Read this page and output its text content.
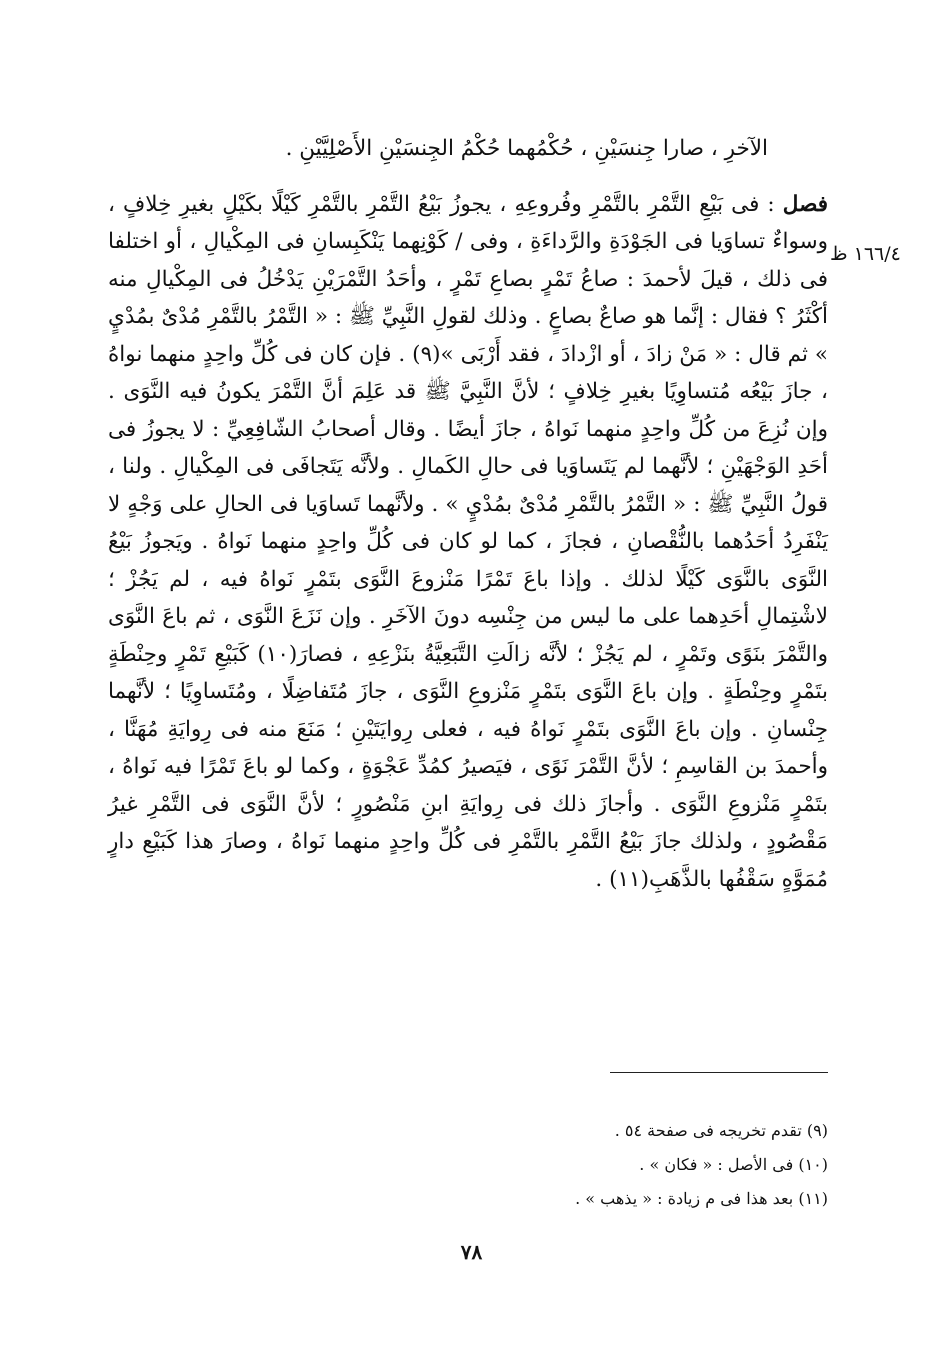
١٦٦/٤ ظ

الآخرِ ، صارا جِنسَيْنِ ، حُكْمُهما حُكْمُ الجِنسَيْنِ الأَصْلِيَّيْنِ .

فصل : فى بَيْعِ التَّمْرِ بالتَّمْرِ وفُروعِهِ ، يجوزُ بَيْعُ التَّمْرِ بالتَّمْرِ كَيْلًا بكَيْلٍ بغيرِ خِلافٍ ، وسواءٌ تساوَيا فى الجَوْدَةِ والرَّداءَةِ ، وفى / كَوْنِهما يَنْكَبِسانِ فى المِكْيالِ ، أو اختلفا فى ذلك ، قيلَ لأحمدَ : صاعُ تَمْرٍ بصاعِ تَمْرٍ ، وأحَدُ التَّمْرَيْنِ يَدْخُلُ فى المِكْيالِ منه أكْثَرُ ؟ فقال : إنَّما هو صاعٌ بصاعٍ . وذلك لقولِ النَّبِيِّ ﷺ : « التَّمْرُ بالتَّمْرِ مُدْىٌ بمُدْيٍ » ثم قال : « مَنْ زادَ ، أو ازْدادَ ، فقد أَرْبَى »(٩) . فإن كان فى كُلِّ واحِدٍ منهما نواهُ ، جازَ بَيْعُه مُتساوِيًا بغيرِ خِلافٍ ؛ لأنَّ النَّبِيَّ ﷺ قد عَلِمَ أنَّ التَّمْرَ يكونُ فيه النَّوَى . وإن نُزِعَ من كُلِّ واحِدٍ منهما نَواهُ ، جازَ أيضًا . وقال أصحابُ الشّافِعِيِّ : لا يجوزُ فى أحَدِ الوَجْهَيْنِ ؛ لأنَّهما لم يَتَساوَيا فى حالِ الكَمالِ . ولأنَّه يَتَجافَى فى المِكْيالِ . ولنا ، قولُ النَّبِيِّ ﷺ : « التَّمْرُ بالتَّمْرِ مُدْىٌ بمُدْيٍ » . ولأنَّهما تَساوَيا فى الحالِ على وَجْهٍ لا يَنْفَرِدُ أحَدُهما بالنُّقْصانِ ، فجازَ ، كما لو كان فى كُلِّ واحِدٍ منهما نَواهُ . ويَجوزُ بَيْعُ النَّوَى بالنَّوَى كَيْلًا لذلك . وإذا باعَ تَمْرًا مَنْزوعَ النَّوَى بتَمْرٍ نَواهُ فيه ، لم يَجُزْ ؛ لاشْتِمالِ أحَدِهما على ما ليس من جِنْسِه دونَ الآخَرِ . وإن نَزَعَ النَّوَى ، ثم باعَ النَّوَى والتَّمْرَ بنَوًى وتَمْرٍ ، لم يَجُزْ ؛ لأنَّه زالَتِ التَّبَعِيَّةُ بنَزْعِهِ ، فصارَ(١٠) كَبَيْعِ تَمْرٍ وحِنْطَةٍ بتَمْرٍ وحِنْطَةٍ . وإن باعَ النَّوَى بتَمْرٍ مَنْزوعِ النَّوَى ، جازَ مُتَفاضِلًا ، ومُتَساوِيًا ؛ لأنَّهما جِنْسانِ . وإن باعَ النَّوَى بتَمْرٍ نَواهُ فيه ، فعلى رِوايَتَيْنِ ؛ مَنَعَ منه فى رِوايَةِ مُهَنَّا ، وأحمدَ بن القاسِمِ ؛ لأنَّ التَّمْرَ نَوًى ، فيَصيرُ كمُدِّ عَجْوَةٍ ، وكما لو باعَ تَمْرًا فيه نَواهُ ، بتَمْرٍ مَنْزوعِ النَّوَى . وأجازَ ذلك فى رِوايَةِ ابنِ مَنْصُورٍ ؛ لأنَّ النَّوَى فى التَّمْرِ غيرُ مَقْصُودٍ ، ولذلك جازَ بَيْعُ التَّمْرِ بالتَّمْرِ فى كُلِّ واحِدٍ منهما نَواهُ ، وصارَ هذا كَبَيْعِ دارٍ مُمَوَّهٍ سَقْفُها بالذَّهَبِ(١١) .

(٩) تقدم تخريجه فى صفحة ٥٤ .
(١٠) فى الأصل : « فكان » .
(١١) بعد هذا فى م زيادة : « يذهب » .
٧٨
